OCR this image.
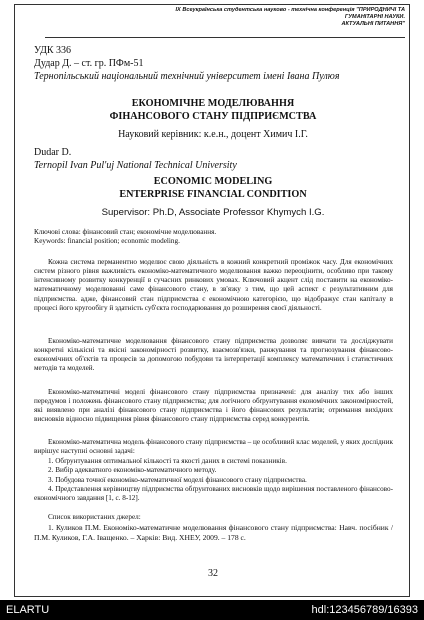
IX Всеукраїнська студентська науково - технічна конференція "ПРИРОДНИЧІ ТА ГУМАНІТАРНІ НАУКИ.
АКТУАЛЬНІ ПИТАННЯ"

УДК 336

Дудар Д. – ст. гр. ПФм-51

Тернопільський національний технічний університет імені Івана Пулюя

ЕКОНОМІЧНЕ МОДЕЛЮВАННЯ
ФІНАНСОВОГО СТАНУ ПІДПРИЄМСТВА

Науковий керівник: к.е.н., доцент Химич І.Г.

Dudar D.

Ternopil Ivan Pul'uj National Technical University

ECONOMIC MODELING
ENTERPRISE FINANCIAL CONDITION

Supervisor: Ph.D, Associate Professor Khymych I.G.

Ключові слова: фінансовий стан; економічне моделювання.

Keywords: financial position; economic modeling.

Кожна система перманентно моделює свою діяльність в кожний конкретний проміжок часу. Для економічних систем різного рівня важливість економіко-математичного моделювання важко переоцінити, особливо при такому інтенсивному розвитку конкуренції в сучасних ринкових умовах. Ключовий акцент слід поставити на економіко-математичному моделюванні саме фінансового стану, в зв'язку з тим, що цей аспект є результативним для підприємства. адже, фінансовий стан підприємства є економічною категорією, що відображує стан капіталу в процесі його кругообігу й здатність суб'єкта господарювання до розширення своєї діяльності.

Економіко-математичне моделювання фінансового стану підприємства дозволяє вивчати та досліджувати конкретні кількісні та якісні закономірності розвитку, взаємозв'язки, ранжування та прогнозування фінансово-економічних об'єктів та процесів за допомогою побудови та інтерпретації комплексу математичних і статистичних методів та моделей.

Економіко-математичні моделі фінансового стану підприємства призначені: для аналізу тих або інших передумов і положень фінансового стану підприємства; для логічного обґрунтування економічних закономірностей, які виявлено при аналізі фінансового стану підприємства і його фінансових результатів; отримання вихідних висновків відносно підвищення рівня фінансового стану підприємства серед конкурентів.

Економіко-математична модель фінансового стану підприємства – це особливий клас моделей, у яких дослідник вирішує наступні основні задачі:

1. Обґрунтування оптимальної кількості та якості даних в системі показників.

2. Вибір адекватного економіко-математичного методу.

3. Побудова точної економіко-математичної моделі фінансового стану підприємства.

4. Представлення керівництву підприємства обґрунтованих висновків щодо вирішення поставленого фінансово-економічного завдання [1, с. 8-12].

Список використаних джерел:

1. Куликов П.М. Економіко-математичне моделювання фінансового стану підприємства: Навч. посібник / П.М. Куликов, Г.А. Іващенко. – Харків: Вид. ХНЕУ, 2009. – 178 с.

32
ELARTU	hdl:123456789/16393
